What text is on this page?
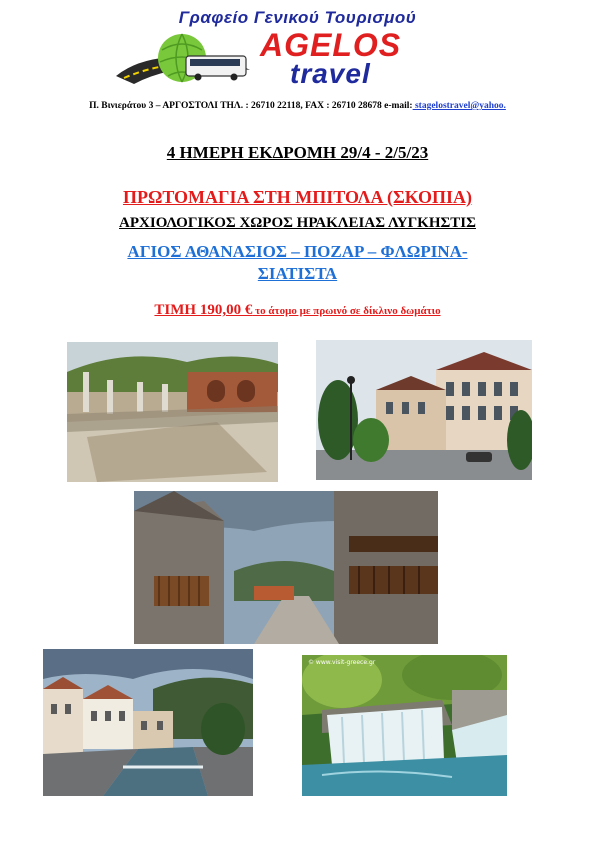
Γραφείο Γενικού Τουρισμού
AGELOS
travel
Π. Βινιεράτου 3 – ΑΡΓΟΣΤΟΛΙ ΤΗΛ. : 26710 22118, FAX : 26710 28678 e-mail: stagelostravel@yahoo.
4 ΗΜΕΡΗ ΕΚΔΡΟΜΗ 29/4 - 2/5/23
ΠΡΩΤΟΜΑΓΙΑ ΣΤΗ ΜΠΙΤΟΛΑ (ΣΚΟΠΙΑ)
ΑΡΧΙΟΛΟΓΙΚΟΣ ΧΩΡΟΣ ΗΡΑΚΛΕΙΑΣ ΛΥΓΚΗΣΤΙΣ
ΑΓΙΟΣ ΑΘΑΝΑΣΙΟΣ – ΠΟΖΑΡ – ΦΛΩΡΙΝΑ-
ΣΙΑΤΙΣΤΑ
ΤΙΜΗ 190,00 € το άτομο με πρωινό σε δίκλινο δωμάτιο
© www.visit-greece.gr
